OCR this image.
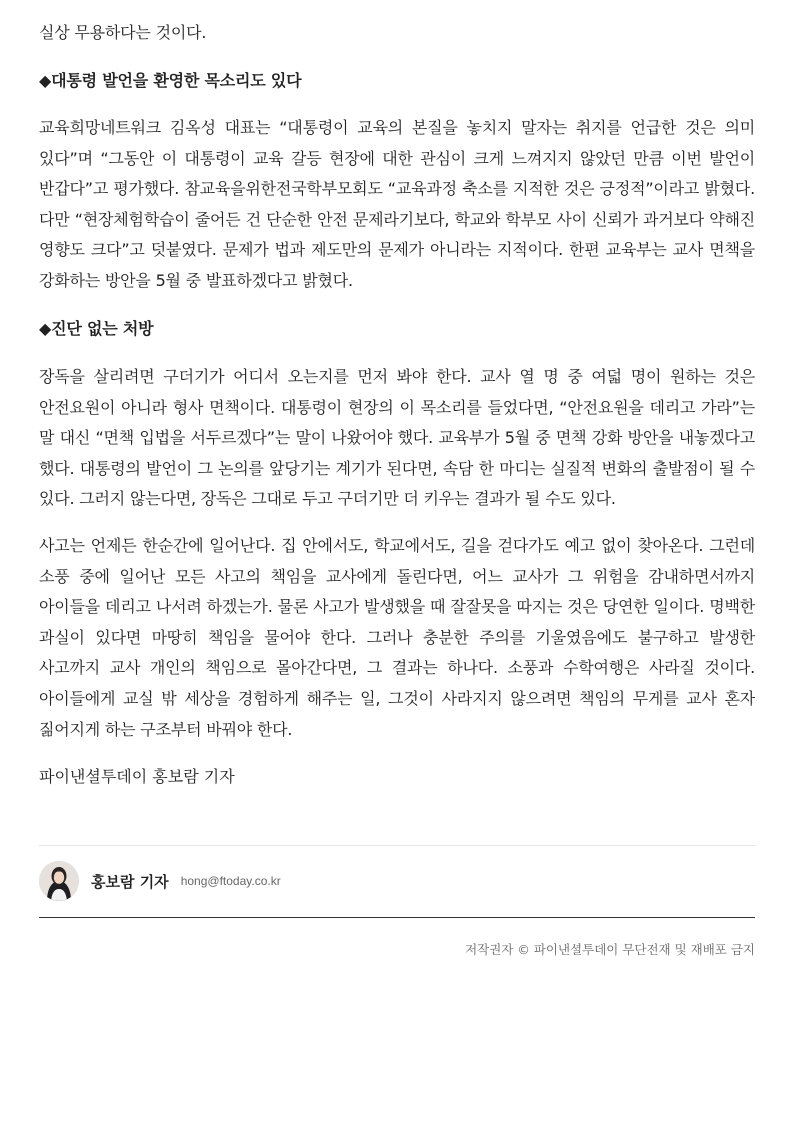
실상 무용하다는 것이다.

◆대통령 발언을 환영한 목소리도 있다

교육희망네트워크 김옥성 대표는 “대통령이 교육의 본질을 놓치지 말자는 취지를 언급한 것은 의미 있다”며 “그동안 이 대통령이 교육 갈등 현장에 대한 관심이 크게 느껴지지 않았던 만큼 이번 발언이 반갑다”고 평가했다. 참교육을위한전국학부모회도 “교육과정 축소를 지적한 것은 긍정적”이라고 밝혔다. 다만 “현장체험학습이 줄어든 건 단순한 안전 문제라기보다, 학교와 학부모 사이 신뢰가 과거보다 약해진 영향도 크다”고 덧붙였다. 문제가 법과 제도만의 문제가 아니라는 지적이다. 한편 교육부는 교사 면책을 강화하는 방안을 5월 중 발표하겠다고 밝혔다.

◆진단 없는 처방

장독을 살리려면 구더기가 어디서 오는지를 먼저 봐야 한다. 교사 열 명 중 여덟 명이 원하는 것은 안전요원이 아니라 형사 면책이다. 대통령이 현장의 이 목소리를 들었다면, “안전요원을 데리고 가라”는 말 대신 “면책 입법을 서두르겠다”는 말이 나왔어야 했다. 교육부가 5월 중 면책 강화 방안을 내놓겠다고 했다. 대통령의 발언이 그 논의를 앞당기는 계기가 된다면, 속담 한 마디는 실질적 변화의 출발점이 될 수 있다. 그러지 않는다면, 장독은 그대로 두고 구더기만 더 키우는 결과가 될 수도 있다.

사고는 언제든 한순간에 일어난다. 집 안에서도, 학교에서도, 길을 걷다가도 예고 없이 찾아온다. 그런데 소풍 중에 일어난 모든 사고의 책임을 교사에게 돌린다면, 어느 교사가 그 위험을 감내하면서까지 아이들을 데리고 나서려 하겠는가. 물론 사고가 발생했을 때 잘잘못을 따지는 것은 당연한 일이다. 명백한 과실이 있다면 마땅히 책임을 물어야 한다. 그러나 충분한 주의를 기울였음에도 불구하고 발생한 사고까지 교사 개인의 책임으로 몰아간다면, 그 결과는 하나다. 소풍과 수학여행은 사라질 것이다. 아이들에게 교실 밖 세상을 경험하게 해주는 일, 그것이 사라지지 않으려면 책임의 무게를 교사 혼자 짊어지게 하는 구조부터 바꿔야 한다.

파이낸셜투데이 홍보람 기자

홍보람 기자 hong@ftoday.co.kr
저작권자 © 파이낸셜투데이 무단전재 및 재배포 금지
